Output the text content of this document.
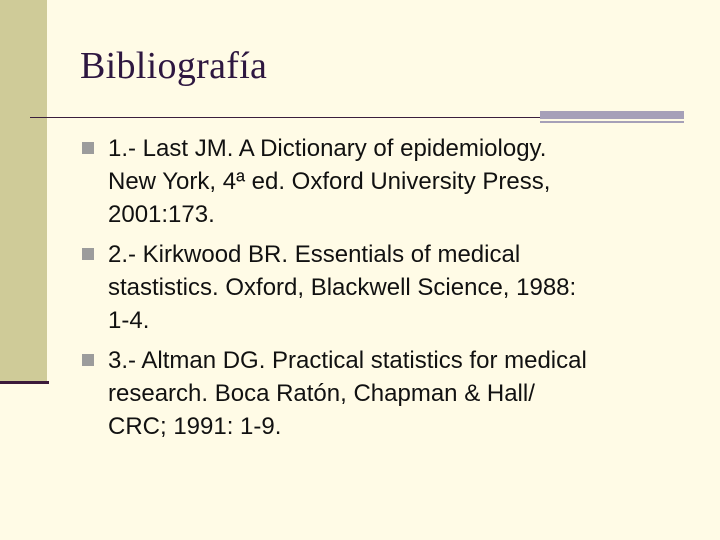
Bibliografía
1.- Last JM. A Dictionary of epidemiology.
New York, 4ª ed. Oxford University Press,
2001:173.
2.- Kirkwood BR. Essentials of medical
stastistics. Oxford, Blackwell Science, 1988:
1-4.
3.- Altman DG. Practical statistics for medical
research. Boca Ratón, Chapman & Hall/
CRC; 1991: 1-9.
